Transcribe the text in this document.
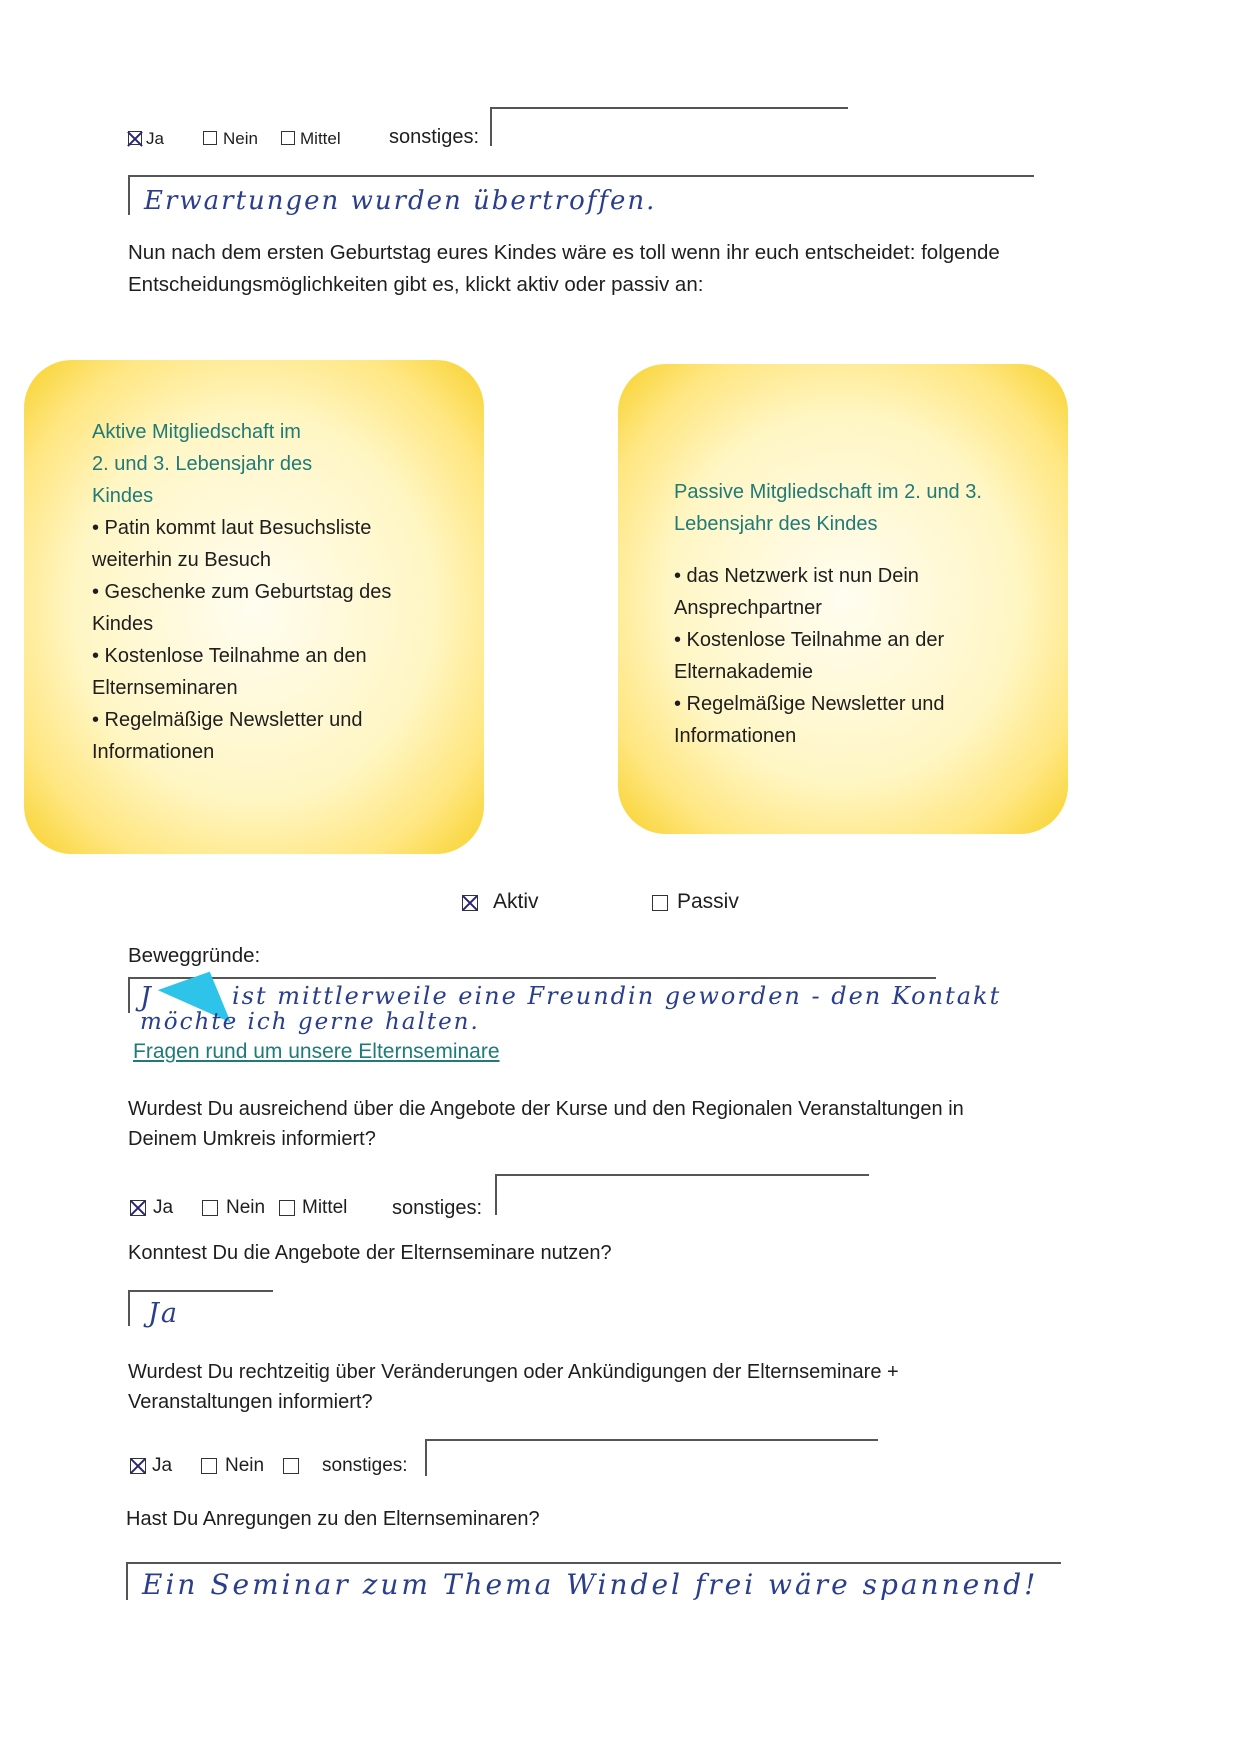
Ja	Nein Mittel sonstiges:
Erwartungen wurden übertroffen.
Nun nach dem ersten Geburtstag eures Kindes wäre es toll wenn ihr euch entscheidet: folgende
Entscheidungsmöglichkeiten gibt es, klickt aktiv oder passiv an:
Aktive Mitgliedschaft im
2. und 3. Lebensjahr des
Kindes
• Patin kommt laut Besuchsliste
weiterhin zu Besuch
• Geschenke zum Geburtstag des
Kindes
• Kostenlose Teilnahme an den
Elternseminaren
• Regelmäßige Newsletter und
Informationen
Passive Mitgliedschaft im 2. und 3.
Lebensjahr des Kindes
• das Netzwerk ist nun Dein
Ansprechpartner
• Kostenlose Teilnahme an der
Elternakademie
• Regelmäßige Newsletter und
Informationen
Aktiv	Passiv
Beweggründe:
J	ist mittlerweile eine Freundin geworden - den Kontakt
möchte ich gerne halten.
Fragen rund um unsere Elternseminare
Wurdest Du ausreichend über die Angebote der Kurse und den Regionalen Veranstaltungen in
Deinem Umkreis informiert?
Ja	Nein Mittel sonstiges:
Konntest Du die Angebote der Elternseminare nutzen?
Ja
Wurdest Du rechtzeitig über Veränderungen oder Ankündigungen der Elternseminare +
Veranstaltungen informiert?
Ja	Nein	sonstiges:
Hast Du Anregungen zu den Elternseminaren?
Ein Seminar zum Thema Windel frei wäre spannend!
